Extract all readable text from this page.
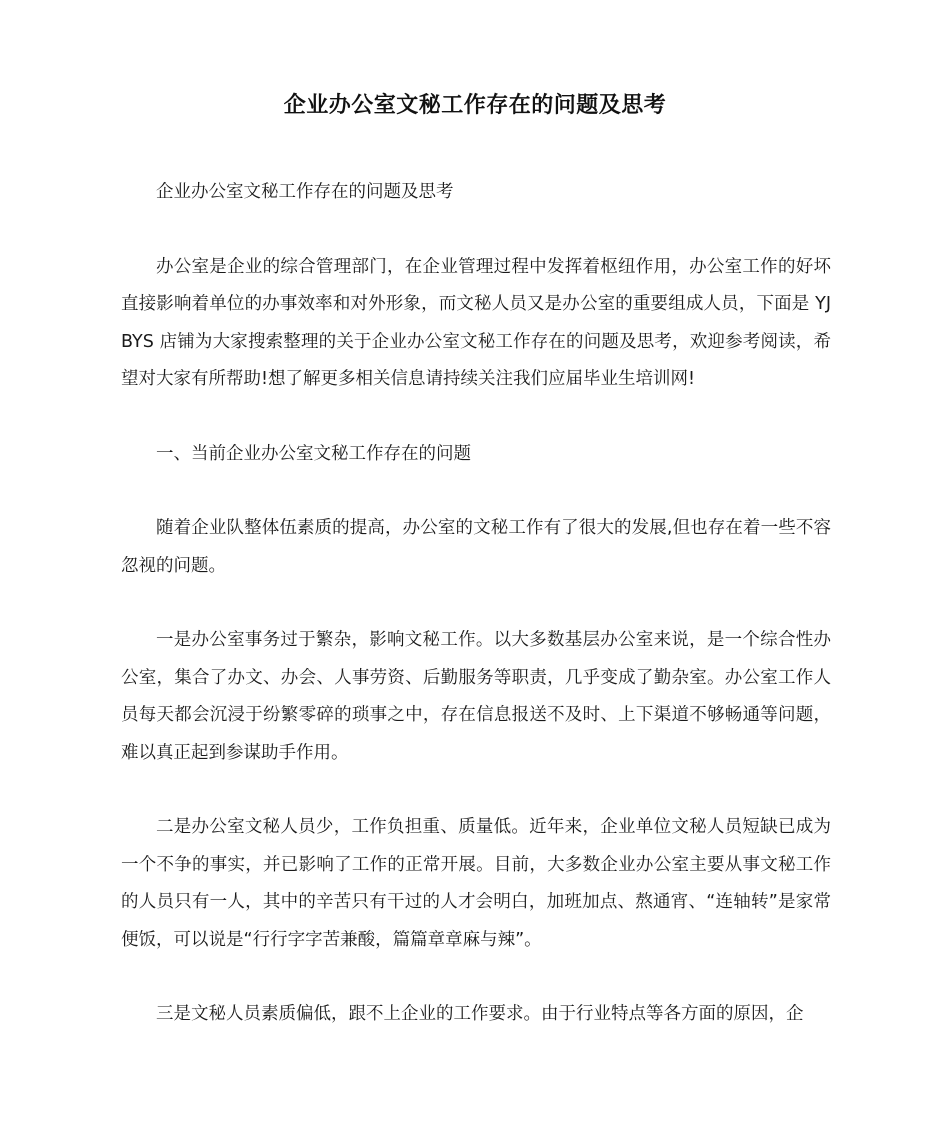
企业办公室文秘工作存在的问题及思考

企业办公室文秘工作存在的问题及思考

办公室是企业的综合管理部门，在企业管理过程中发挥着枢纽作用，办公室工作的好坏直接影响着单位的办事效率和对外形象，而文秘人员又是办公室的重要组成人员，下面是 YJBYS 店铺为大家搜索整理的关于企业办公室文秘工作存在的问题及思考，欢迎参考阅读，希望对大家有所帮助!想了解更多相关信息请持续关注我们应届毕业生培训网!

一、当前企业办公室文秘工作存在的问题

随着企业队整体伍素质的提高，办公室的文秘工作有了很大的发展,但也存在着一些不容忽视的问题。

一是办公室事务过于繁杂，影响文秘工作。以大多数基层办公室来说，是一个综合性办公室，集合了办文、办会、人事劳资、后勤服务等职责，几乎变成了勤杂室。办公室工作人员每天都会沉浸于纷繁零碎的琐事之中，存在信息报送不及时、上下渠道不够畅通等问题，难以真正起到参谋助手作用。

二是办公室文秘人员少，工作负担重、质量低。近年来，企业单位文秘人员短缺已成为一个不争的事实，并已影响了工作的正常开展。目前，大多数企业办公室主要从事文秘工作的人员只有一人，其中的辛苦只有干过的人才会明白，加班加点、熬通宵、“连轴转”是家常便饭，可以说是“行行字字苦兼酸，篇篇章章麻与辣”。

三是文秘人员素质偏低，跟不上企业的工作要求。由于行业特点等各方面的原因，企
